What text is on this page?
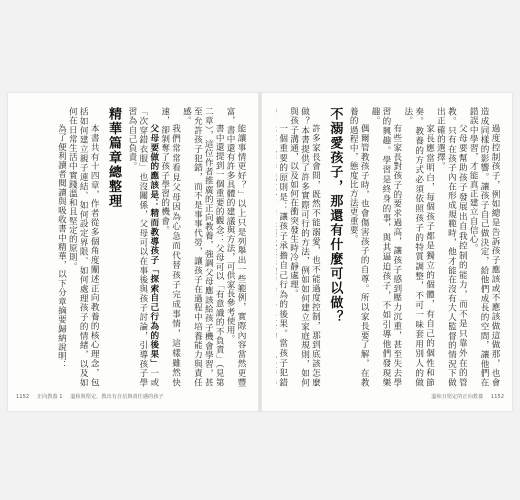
過度控制孩子，例如總是告訴孩子應該或不應該做這做那，也會造成同樣的影響。讓孩子自己做決定，給他們成長的空間，讓他們在錯誤中學習，才能真正建立自信心。
父母要幫助孩子發展出自我控制的能力，而不是只靠外在的管教。只有在孩子內在形成規範時，他才能在沒有大人監督的情況下做出正確的選擇。
家長應當明白，每個孩子都是獨立的個體，有自己的個性和節奏。教養的方式必須依照孩子的特質調整，不可一味套用別人的做法。
有些家長對孩子的要求過高，讓孩子感到壓力沉重，甚至失去學習的興趣。學習是終身的事，與其逼迫孩子，不如引導他們發現樂趣。
偶爾管教孩子時，也會傷害孩子的自尊。所以家長要了解，在教養的過程中，態度比方法更重要。
不溺愛孩子，那還有什麼可以做？
許多家長會問，既然不能溺愛，也不能過度控制，那到底該怎麼做？本書提供了許多實際可行的方法，例如如何建立家庭規則，如何與孩子溝通，以及如何在衝突發生時冷靜處理。
一個重要的原則是：讓孩子承擔自己行為的後果。當孩子犯錯
溫和且堅定的正向教養 1152
能讓事情更好？」以上只是列舉出一些範例，實際內容當然更豐富，書中還有許多具體的建議與方法，可供家長參考使用。
書中還提到一個重要的觀念：父母可以「有意識的不負責」（見第二章），這位作者推廣的正向教養，強調父母應該給孩子機會學習，甚至允許孩子犯錯，而不是事事代勞，讓孩子在過程中培養能力與責任感。
我們常常看見父母因為心急而代替孩子完成事情，這樣雖然快速，卻剝奪了孩子學習的機會。
父母要做的應該是：精而教導孩子「探索自己行為的後果」一或「次穿錯衣服」也沒關係，父母可以在事後與孩子討論，引導孩子學習為自己負責。
精華篇章總整理
本書共有十四章，作者從多個角度闡述正向教養的核心理念，包括如何建立親子連結、如何設定界限、如何處理孩子的情緒，以及如何在日常生活中實踐溫和且堅定的原則。
為了便利讀者閱讀與吸收書中精華，以下分章摘要歸納說明：
1152 正向教養 1 溫和與堅定，教出有自信與責任感的孩子
